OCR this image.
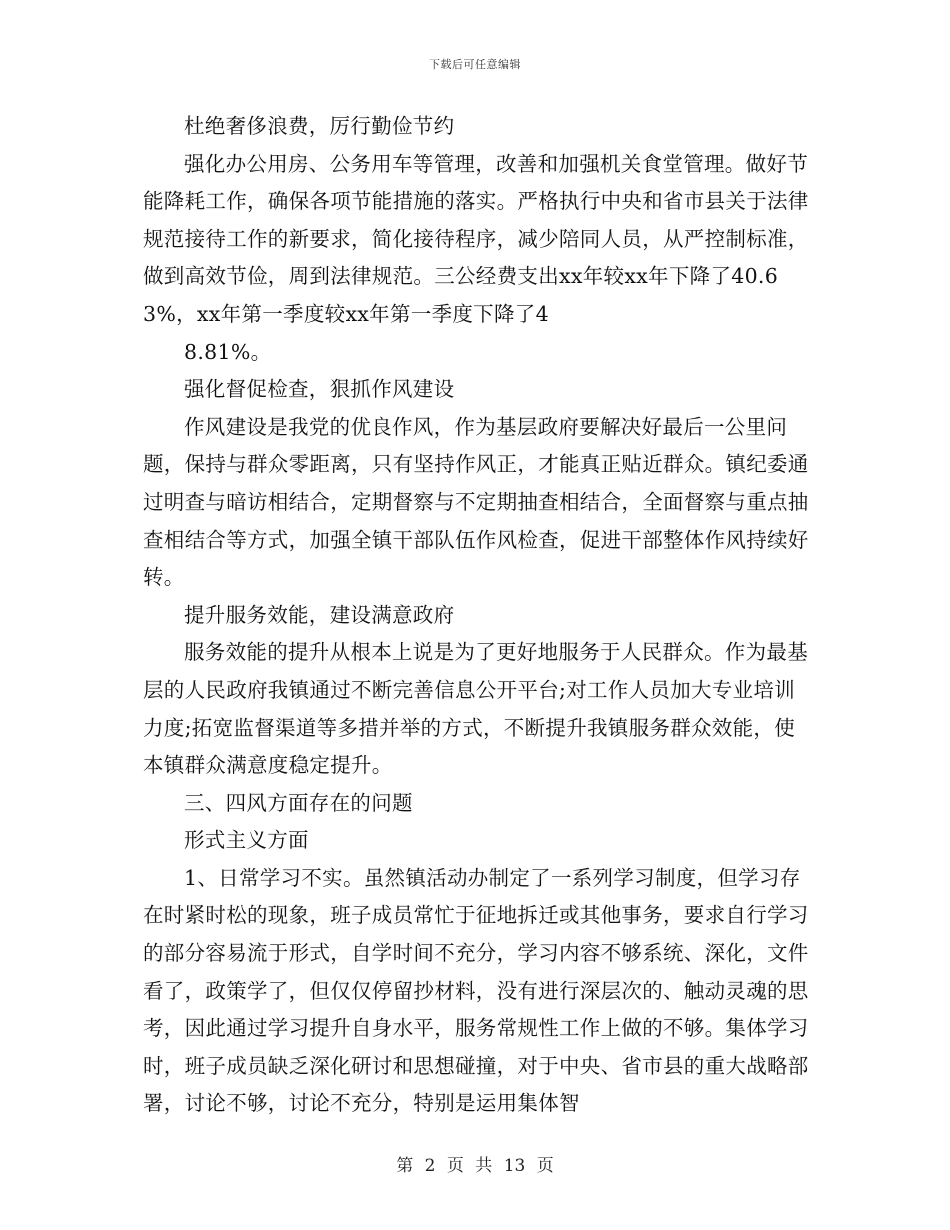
下载后可任意编辑

杜绝奢侈浪费，厉行勤俭节约

强化办公用房、公务用车等管理，改善和加强机关食堂管理。做好节能降耗工作，确保各项节能措施的落实。严格执行中央和省市县关于法律规范接待工作的新要求，简化接待程序，减少陪同人员，从严控制标准，做到高效节俭，周到法律规范。三公经费支出xx年较xx年下降了40.63%，xx年第一季度较xx年第一季度下降了4

8.81%。

强化督促检查，狠抓作风建设

作风建设是我党的优良作风，作为基层政府要解决好最后一公里问题，保持与群众零距离，只有坚持作风正，才能真正贴近群众。镇纪委通过明查与暗访相结合，定期督察与不定期抽查相结合，全面督察与重点抽查相结合等方式，加强全镇干部队伍作风检查，促进干部整体作风持续好转。

提升服务效能，建设满意政府

服务效能的提升从根本上说是为了更好地服务于人民群众。作为最基层的人民政府我镇通过不断完善信息公开平台;对工作人员加大专业培训力度;拓宽监督渠道等多措并举的方式，不断提升我镇服务群众效能，使本镇群众满意度稳定提升。

三、四风方面存在的问题

形式主义方面

1、日常学习不实。虽然镇活动办制定了一系列学习制度，但学习存在时紧时松的现象，班子成员常忙于征地拆迁或其他事务，要求自行学习的部分容易流于形式，自学时间不充分，学习内容不够系统、深化，文件看了，政策学了，但仅仅停留抄材料，没有进行深层次的、触动灵魂的思考，因此通过学习提升自身水平，服务常规性工作上做的不够。集体学习时，班子成员缺乏深化研讨和思想碰撞，对于中央、省市县的重大战略部署，讨论不够，讨论不充分，特别是运用集体智

第 2 页 共 13 页
